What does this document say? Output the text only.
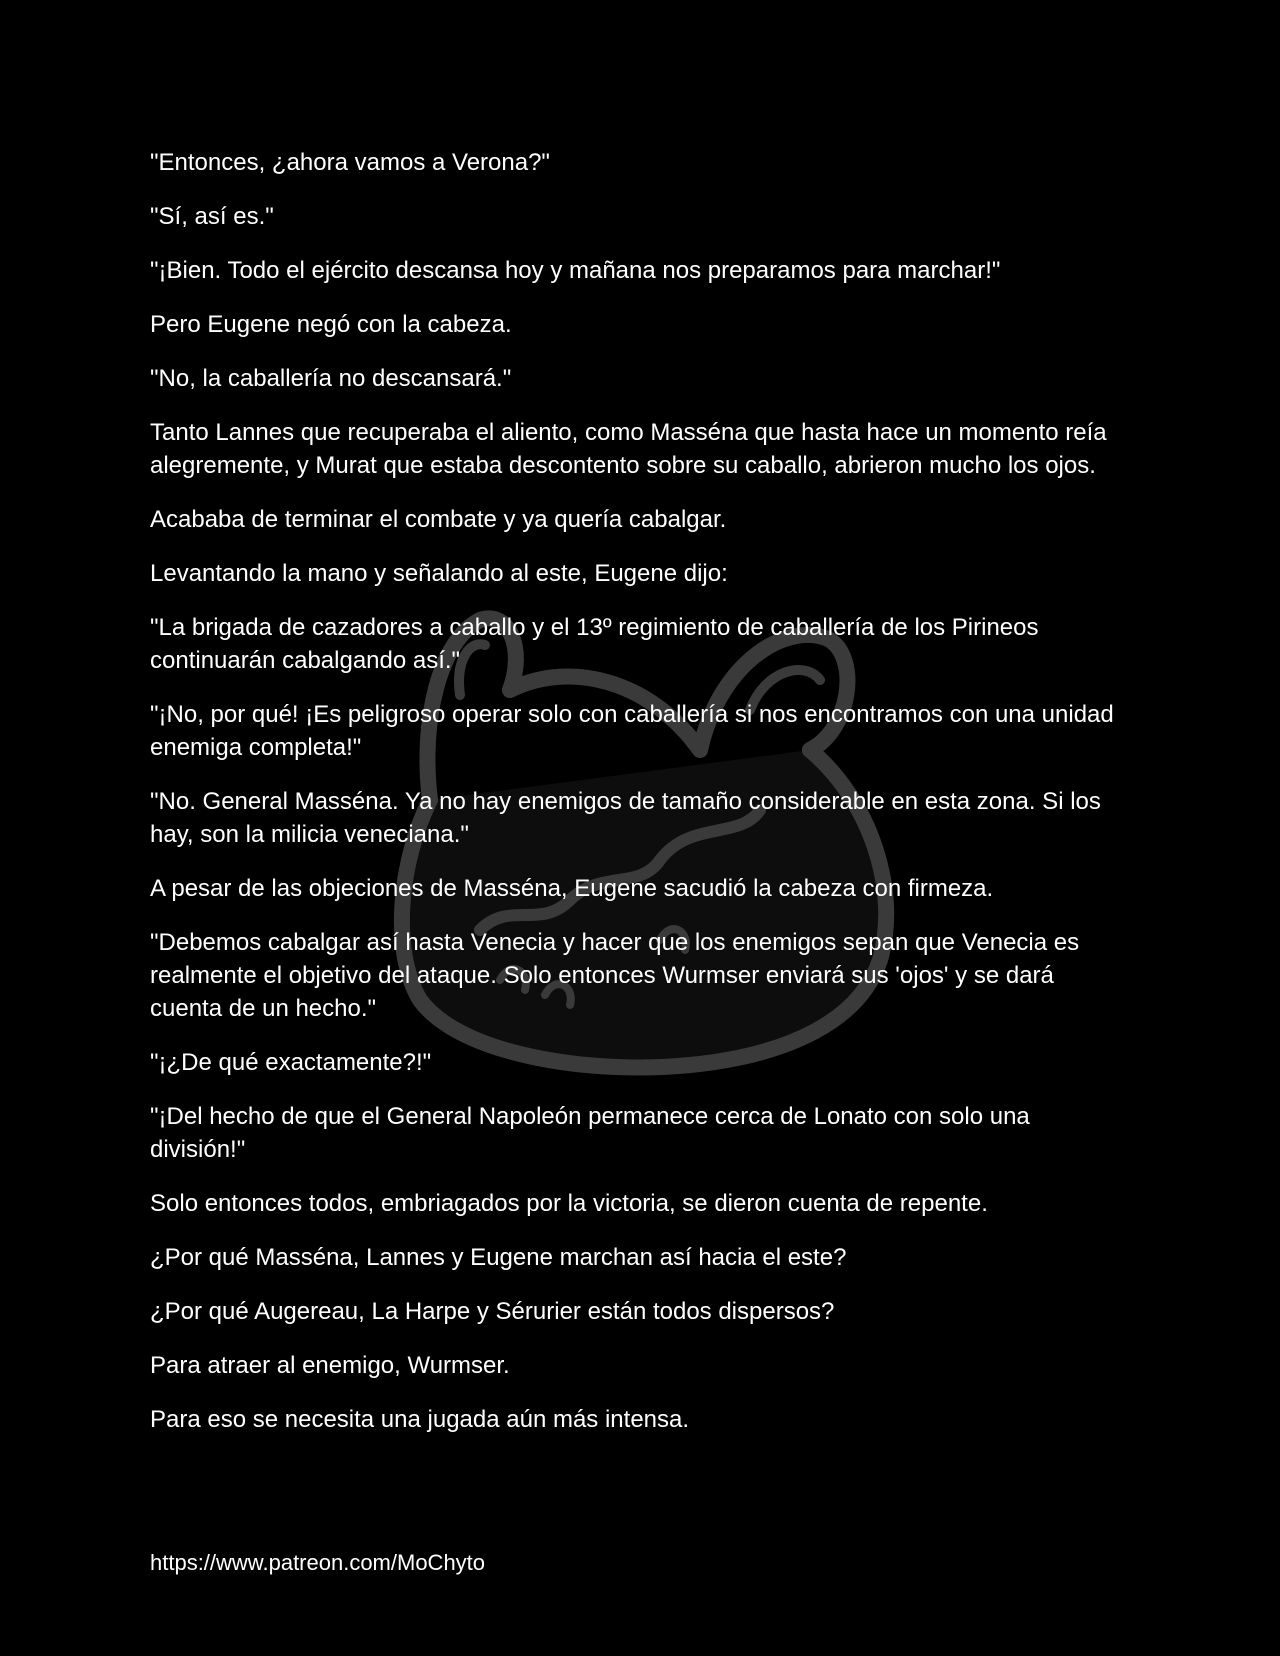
"Entonces, ¿ahora vamos a Verona?"

"Sí, así es."

"¡Bien. Todo el ejército descansa hoy y mañana nos preparamos para marchar!"

Pero Eugene negó con la cabeza.

"No, la caballería no descansará."

Tanto Lannes que recuperaba el aliento, como Masséna que hasta hace un momento reía alegremente, y Murat que estaba descontento sobre su caballo, abrieron mucho los ojos.

Acababa de terminar el combate y ya quería cabalgar.

Levantando la mano y señalando al este, Eugene dijo:

"La brigada de cazadores a caballo y el 13º regimiento de caballería de los Pirineos continuarán cabalgando así."

"¡No, por qué! ¡Es peligroso operar solo con caballería si nos encontramos con una unidad enemiga completa!"

"No. General Masséna. Ya no hay enemigos de tamaño considerable en esta zona. Si los hay, son la milicia veneciana."

A pesar de las objeciones de Masséna, Eugene sacudió la cabeza con firmeza.

"Debemos cabalgar así hasta Venecia y hacer que los enemigos sepan que Venecia es realmente el objetivo del ataque. Solo entonces Wurmser enviará sus 'ojos' y se dará cuenta de un hecho."

"¡¿De qué exactamente?!"

"¡Del hecho de que el General Napoleón permanece cerca de Lonato con solo una división!"

Solo entonces todos, embriagados por la victoria, se dieron cuenta de repente.

¿Por qué Masséna, Lannes y Eugene marchan así hacia el este?

¿Por qué Augereau, La Harpe y Sérurier están todos dispersos?

Para atraer al enemigo, Wurmser.

Para eso se necesita una jugada aún más intensa.

https://www.patreon.com/MoChyto
